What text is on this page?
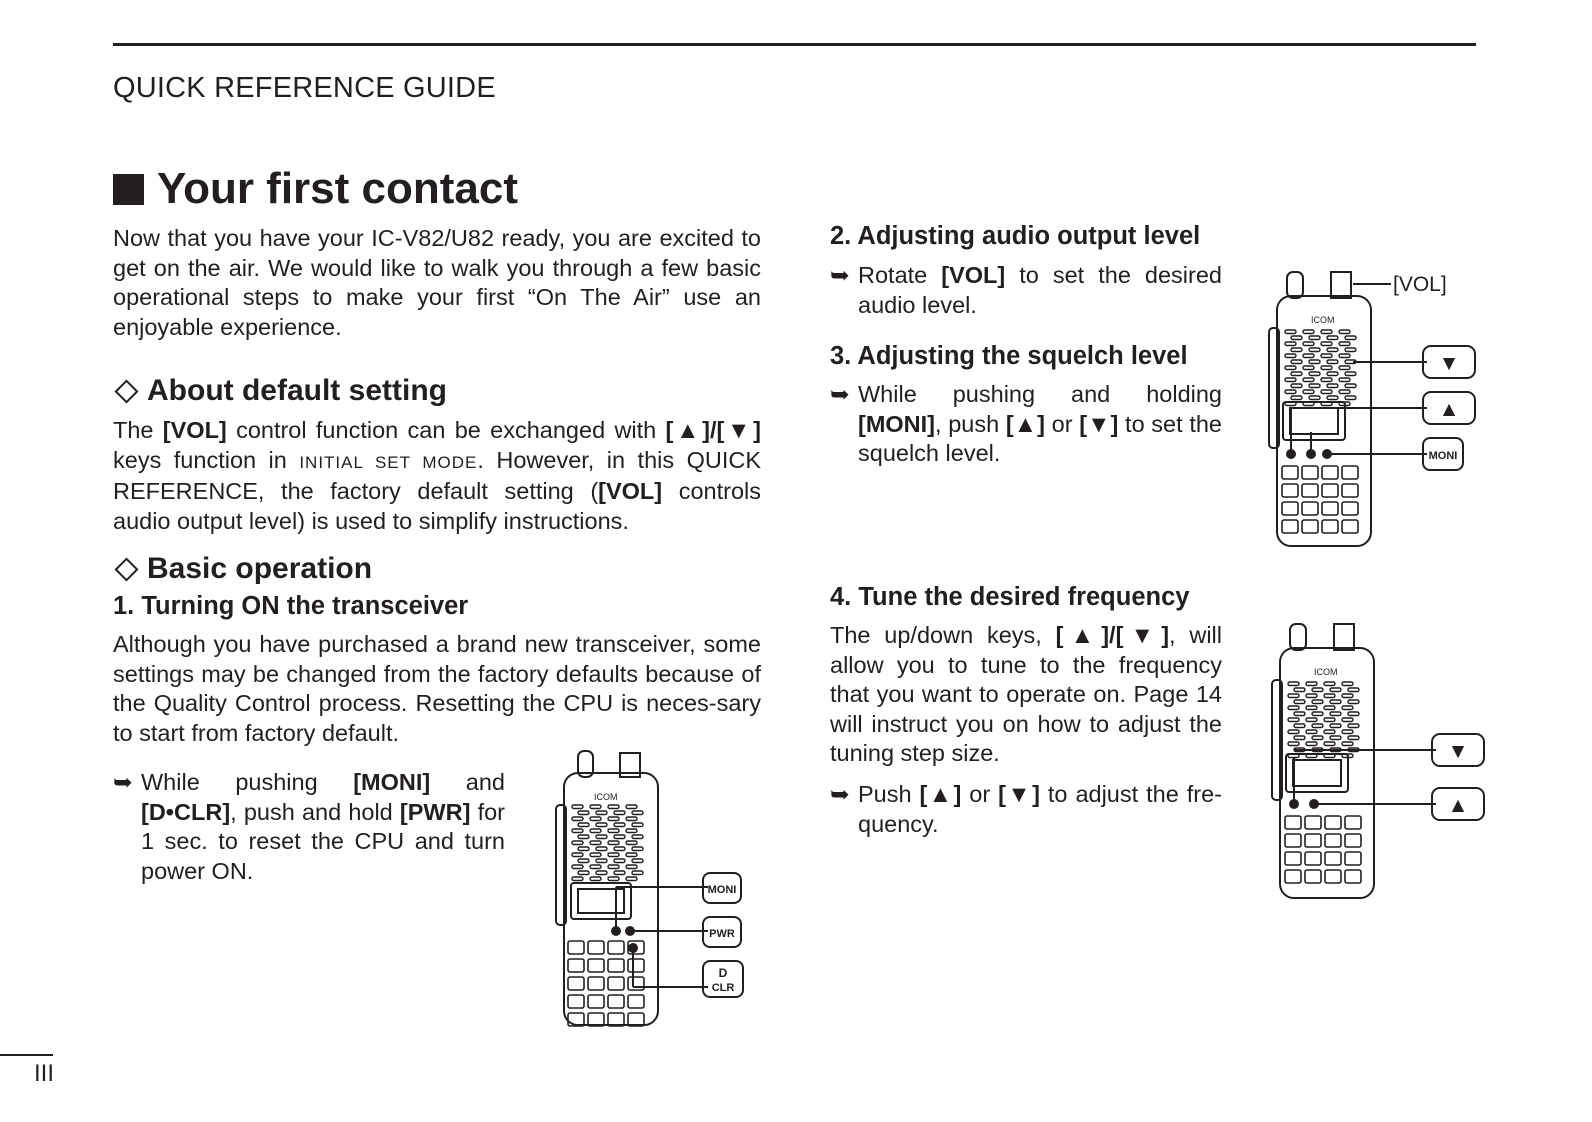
QUICK REFERENCE GUIDE
Your first contact
Now that you have your IC-V82/U82 ready, you are excited to get on the air. We would like to walk you through a few basic operational steps to make your first “On The Air” use an enjoyable experience.
About default setting
The [VOL] control function can be exchanged with [▲]/[▼] keys function in INITIAL SET MODE. However, in this QUICK REFERENCE, the factory default setting ([VOL] controls audio output level) is used to simplify instructions.
Basic operation
1. Turning ON the transceiver
Although you have purchased a brand new transceiver, some settings may be changed from the factory defaults because of the Quality Control process. Resetting the CPU is neces-sary to start from factory default.
➥ While pushing [MONI] and [D•CLR], push and hold [PWR] for 1 sec. to reset the CPU and turn power ON.
2. Adjusting audio output level
➥ Rotate [VOL] to set the desired audio level.
3. Adjusting the squelch level
➥ While pushing and holding [MONI], push [▲] or [▼] to set the squelch level.
4. Tune the desired frequency
The up/down keys, [▲]/[▼], will allow you to tune to the frequency that you want to operate on. Page 14 will instruct you on how to adjust the tuning step size.
➥ Push [▲] or [▼] to adjust the fre-quency.
ICOM
MONI
PWR
D
CLR
ICOM
[VOL]
▼
▲
MONI
ICOM
▼
▲
III
